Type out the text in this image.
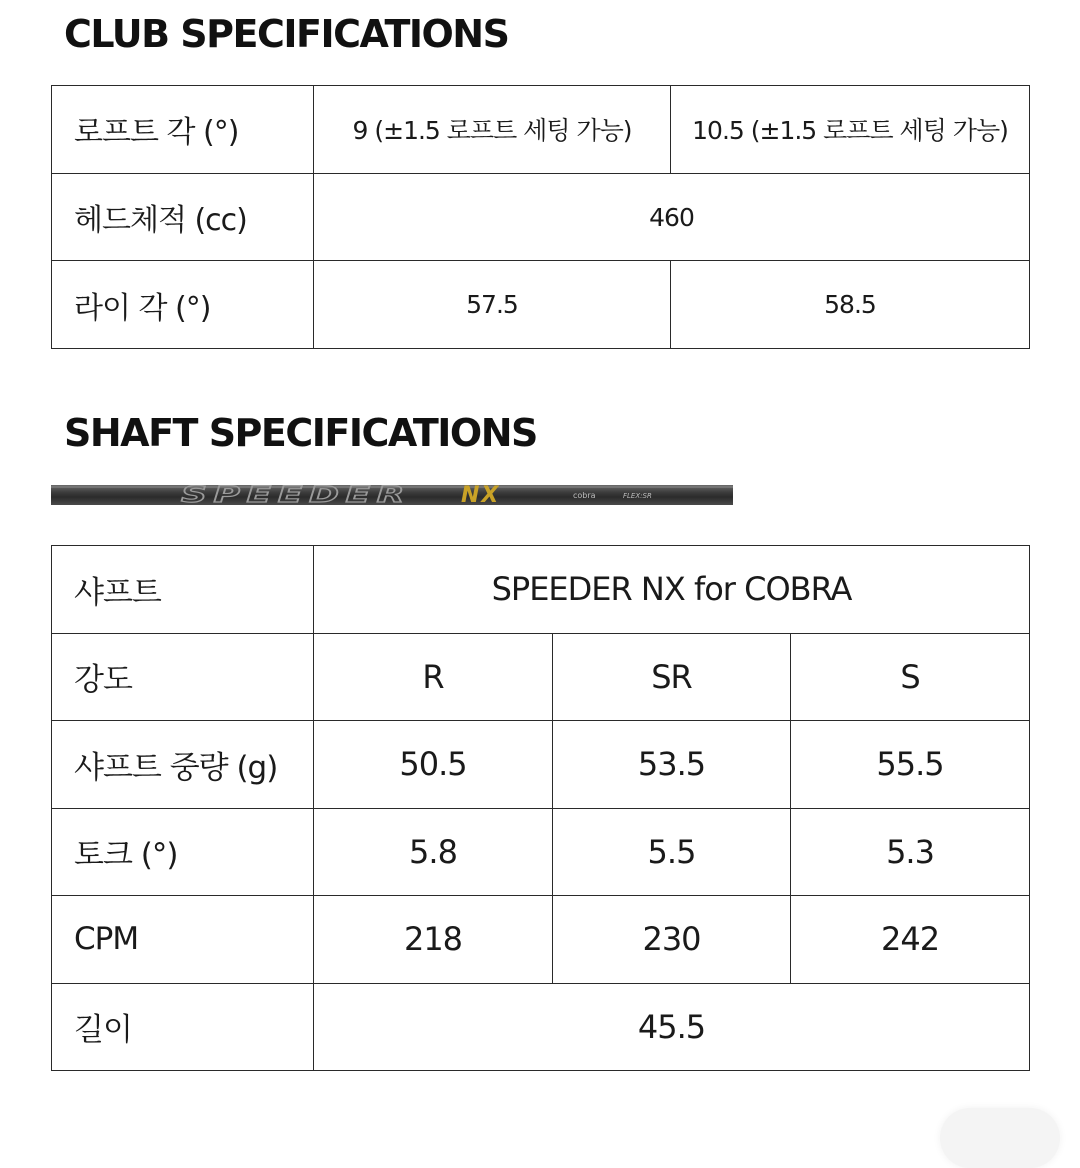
CLUB SPECIFICATIONS
로프트 각 (°)	9 (±1.5 로프트 세팅 가능)	10.5 (±1.5 로프트 세팅 가능)
헤드체적 (cc)	460	
라이 각 (°)	57.5	58.5
SHAFT SPECIFICATIONS
SPEEDER NX	cobra	FLEX:SR
샤프트	SPEEDER NX for COBRA		
강도	R	SR	S
샤프트 중량 (g)	50.5	53.5	55.5
토크 (°)	5.8	5.5	5.3
CPM	218	230	242
길이	45.5		
